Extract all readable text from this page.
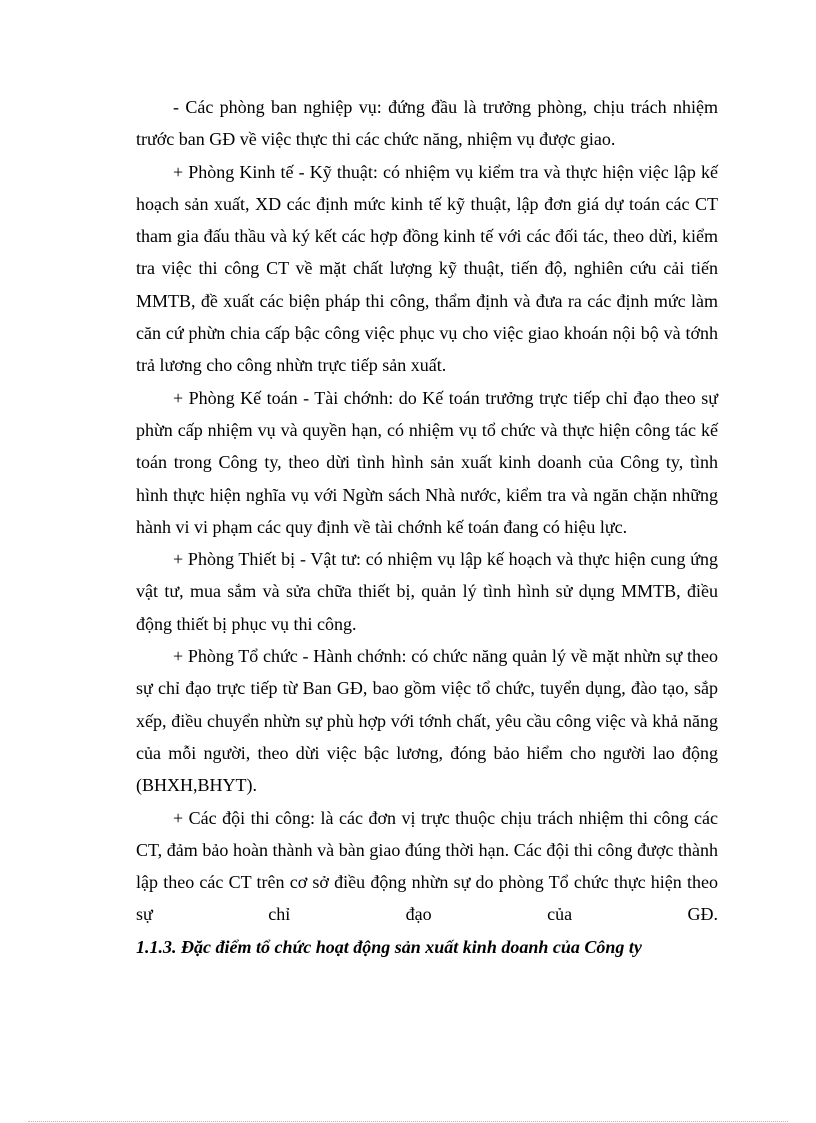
- Các phòng ban nghiệp vụ: đứng đầu là trưởng phòng, chịu trách nhiệm trước ban GĐ về việc thực thi các chức năng, nhiệm vụ được giao.

+ Phòng Kinh tế - Kỹ thuật: có nhiệm vụ kiểm tra và thực hiện việc lập kế hoạch sản xuất, XD các định mức kinh tế kỹ thuật, lập đơn giá dự toán các CT tham gia đấu thầu và ký kết các hợp đồng kinh tế với các đối tác, theo dừi, kiểm tra việc thi công CT về mặt chất lượng kỹ thuật, tiến độ, nghiên cứu cải tiến MMTB, đề xuất các biện pháp thi công, thẩm định và đưa ra các định mức làm căn cứ phừn chia cấp bậc công việc phục vụ cho việc giao khoán nội bộ và tớnh trả lương cho công nhừn trực tiếp sản xuất.

+ Phòng Kế toán - Tài chớnh: do Kế toán trưởng trực tiếp chỉ đạo theo sự phừn cấp nhiệm vụ và quyền hạn, có nhiệm vụ tổ chức và thực hiện công tác kế toán trong Công ty, theo dừi tình hình sản xuất kinh doanh của Công ty, tình hình thực hiện nghĩa vụ với Ngừn sách Nhà nước, kiểm tra và ngăn chặn những hành vi vi phạm các quy định về tài chớnh kế toán đang có hiệu lực.

+ Phòng Thiết bị - Vật tư: có nhiệm vụ lập kế hoạch và thực hiện cung ứng vật tư, mua sắm và sửa chữa thiết bị, quản lý tình hình sử dụng MMTB, điều động thiết bị phục vụ thi công.

+ Phòng Tổ chức - Hành chớnh: có chức năng quản lý về mặt nhừn sự theo sự chỉ đạo trực tiếp từ Ban GĐ, bao gồm việc tổ chức, tuyển dụng, đào tạo, sắp xếp, điều chuyển nhừn sự phù hợp với tớnh chất, yêu cầu công việc và khả năng của mỗi người, theo dừi việc bậc lương, đóng bảo hiểm cho người lao động (BHXH,BHYT).

+ Các đội thi công: là các đơn vị trực thuộc chịu trách nhiệm thi công các CT, đảm bảo hoàn thành và bàn giao đúng thời hạn. Các đội thi công được thành lập theo các CT trên cơ sở điều động nhừn sự do phòng Tổ chức thực hiện theo sự chỉ đạo của GĐ.

1.1.3. Đặc điểm tổ chức hoạt động sản xuất kinh doanh của Công ty
